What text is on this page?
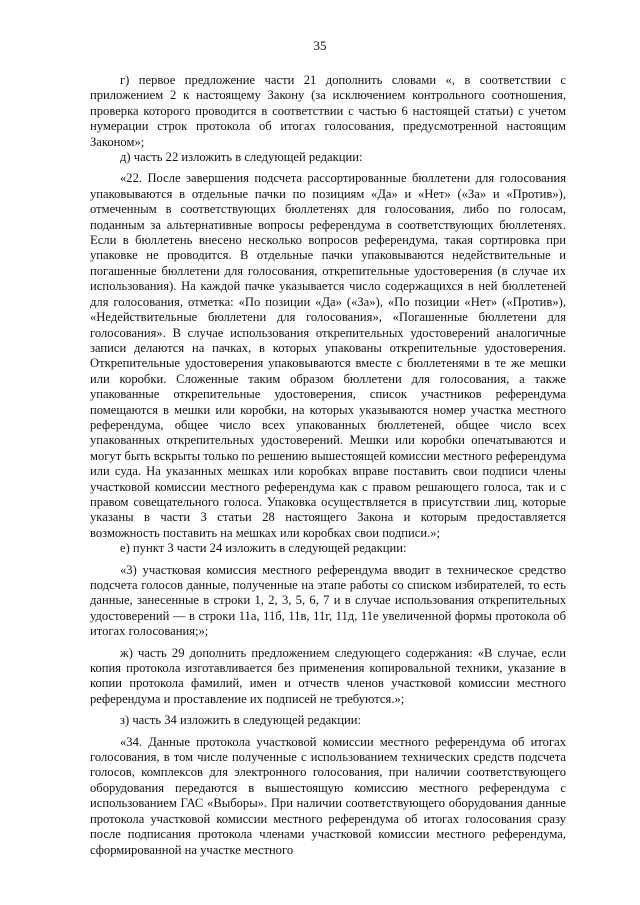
35

г) первое предложение части 21 дополнить словами «, в соответствии с приложением 2 к настоящему Закону (за исключением контрольного соотношения, проверка которого проводится в соответствии с частью 6 настоящей статьи) с учетом нумерации строк протокола об итогах голосования, предусмотренной настоящим Законом»;

д) часть 22 изложить в следующей редакции:

«22. После завершения подсчета рассортированные бюллетени для голосования упаковываются в отдельные пачки по позициям «Да» и «Нет» («За» и «Против»), отмеченным в соответствующих бюллетенях для голосования, либо по голосам, поданным за альтернативные вопросы референдума в соответствующих бюллетенях. Если в бюллетень внесено несколько вопросов референдума, такая сортировка при упаковке не проводится. В отдельные пачки упаковываются недействительные и погашенные бюллетени для голосования, открепительные удостоверения (в случае их использования). На каждой пачке указывается число содержащихся в ней бюллетеней для голосования, отметка: «По позиции «Да» («За»), «По позиции «Нет» («Против»), «Недействительные бюллетени для голосования», «Погашенные бюллетени для голосования». В случае использования открепительных удостоверений аналогичные записи делаются на пачках, в которых упакованы открепительные удостоверения. Открепительные удостоверения упаковываются вместе с бюллетенями в те же мешки или коробки. Сложенные таким образом бюллетени для голосования, а также упакованные открепительные удостоверения, список участников референдума помещаются в мешки или коробки, на которых указываются номер участка местного референдума, общее число всех упакованных бюллетеней, общее число всех упакованных открепительных удостоверений. Мешки или коробки опечатываются и могут быть вскрыты только по решению вышестоящей комиссии местного референдума или суда. На указанных мешках или коробках вправе поставить свои подписи члены участковой комиссии местного референдума как с правом решающего голоса, так и с правом совещательного голоса. Упаковка осуществляется в присутствии лиц, которые указаны в части 3 статьи 28 настоящего Закона и которым предоставляется возможность поставить на мешках или коробках свои подписи.»;

е) пункт 3 части 24 изложить в следующей редакции:

«3) участковая комиссия местного референдума вводит в техническое средство подсчета голосов данные, полученные на этапе работы со списком избирателей, то есть данные, занесенные в строки 1, 2, 3, 5, 6, 7 и в случае использования открепительных удостоверений — в строки 11а, 11б, 11в, 11г, 11д, 11е увеличенной формы протокола об итогах голосования;»;

ж) часть 29 дополнить предложением следующего содержания: «В случае, если копия протокола изготавливается без применения копировальной техники, указание в копии протокола фамилий, имен и отчеств членов участковой комиссии местного референдума и проставление их подписей не требуются.»;

з) часть 34 изложить в следующей редакции:

«34. Данные протокола участковой комиссии местного референдума об итогах голосования, в том числе полученные с использованием технических средств подсчета голосов, комплексов для электронного голосования, при наличии соответствующего оборудования передаются в вышестоящую комиссию местного референдума с использованием ГАС «Выборы». При наличии соответствующего оборудования данные протокола участковой комиссии местного референдума об итогах голосования сразу после подписания протокола членами участковой комиссии местного референдума, сформированной на участке местного
